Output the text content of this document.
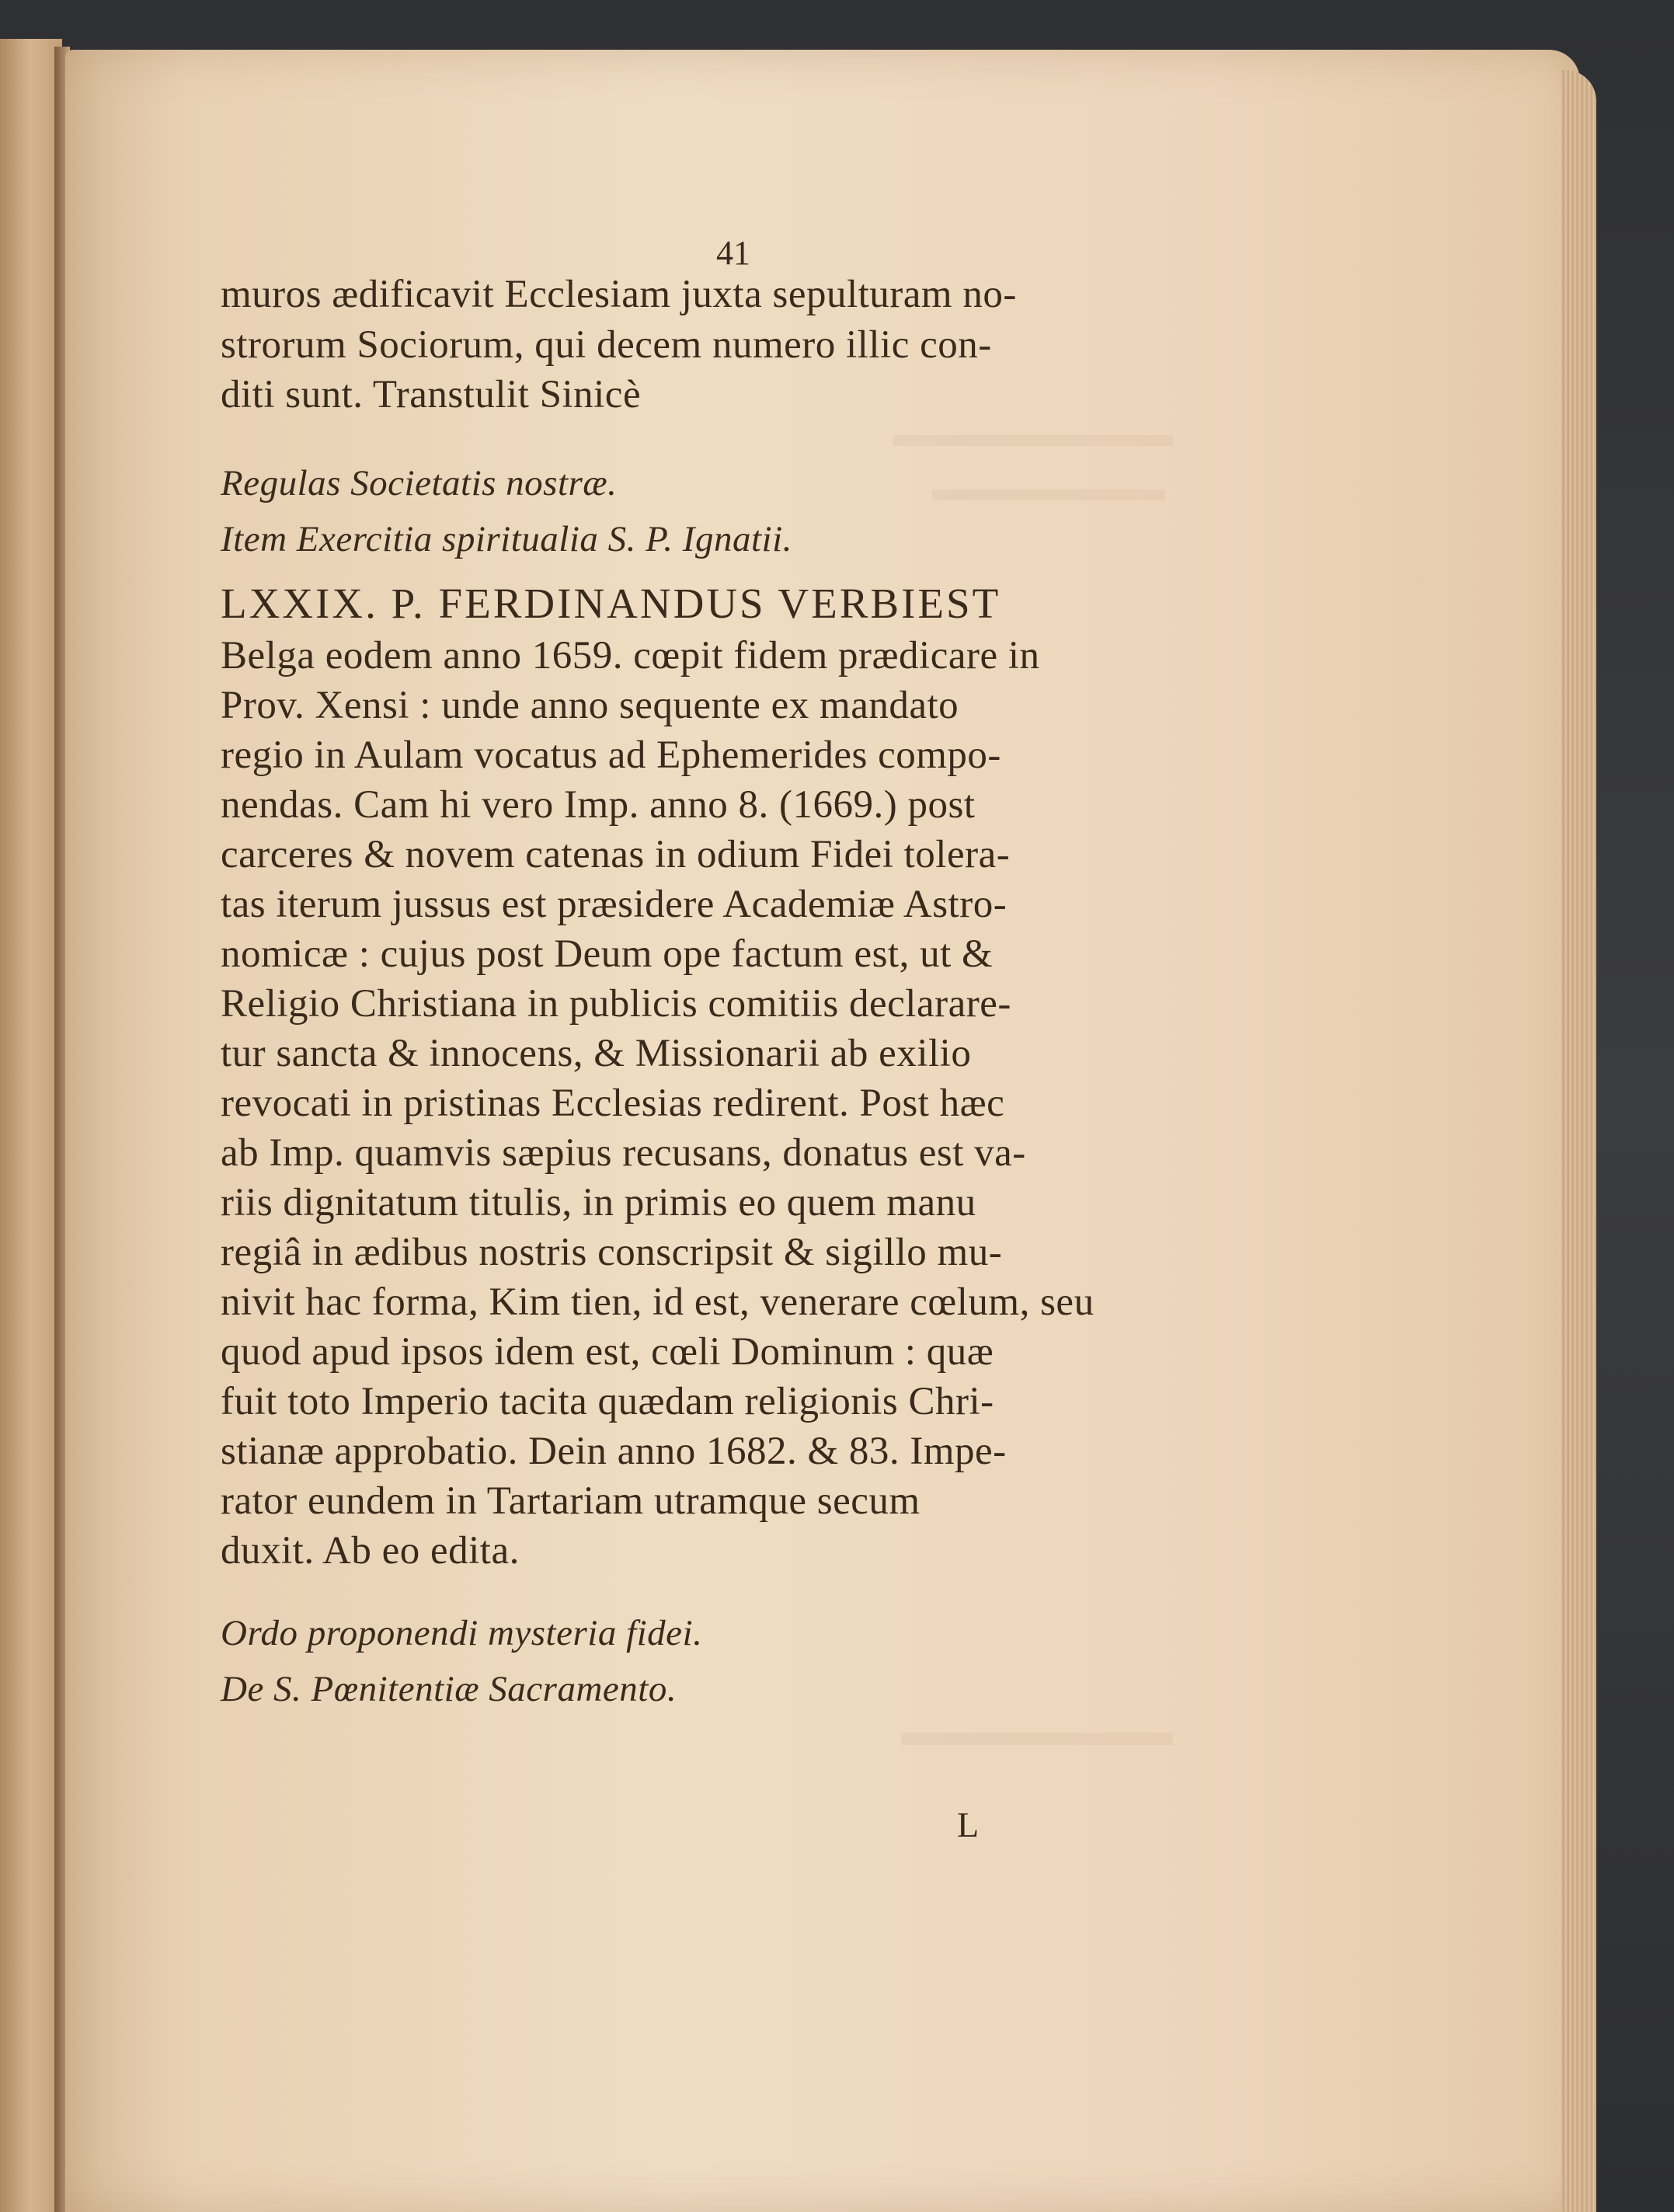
41
muros ædificavit Ecclesiam juxta sepulturam no-
strorum Sociorum, qui decem numero illic con-
diti sunt. Transtulit Sinicè
Regulas Societatis nostræ.
Item Exercitia spiritualia S. P. Ignatii.
LXXIX. P. FERDINANDUS VERBIEST
Belga eodem anno 1659. cœpit fidem prædicare in
Prov. Xensi : unde anno sequente ex mandato
regio in Aulam vocatus ad Ephemerides compo-
nendas. Cam hi vero Imp. anno 8. (1669.) post
carceres & novem catenas in odium Fidei tolera-
tas iterum jussus est præsidere Academiæ Astro-
nomicæ : cujus post Deum ope factum est, ut &
Religio Christiana in publicis comitiis declarare-
tur sancta & innocens, & Missionarii ab exilio
revocati in pristinas Ecclesias redirent. Post hæc
ab Imp. quamvis sæpius recusans, donatus est va-
riis dignitatum titulis, in primis eo quem manu
regiâ in ædibus nostris conscripsit & sigillo mu-
nivit hac forma, Kim tien, id est, venerare cœlum, seu
quod apud ipsos idem est, cœli Dominum : quæ
fuit toto Imperio tacita quædam religionis Chri-
stianæ approbatio. Dein anno 1682. & 83. Impe-
rator eundem in Tartariam utramque secum
duxit. Ab eo edita.
Ordo proponendi mysteria fidei.
De S. Pœnitentiæ Sacramento.
L
